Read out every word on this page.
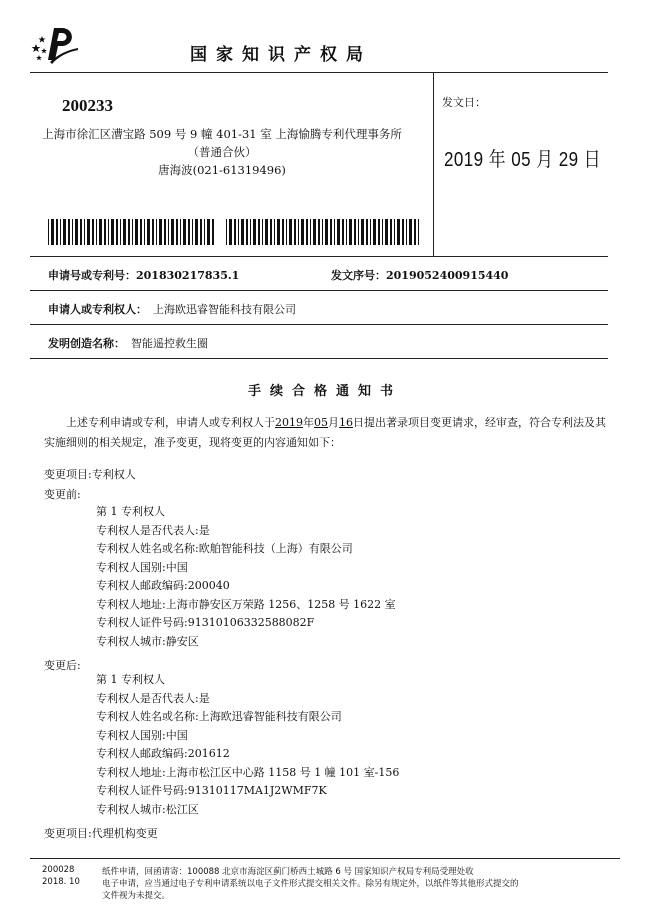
国家知识产权局
200233
上海市徐汇区漕宝路 509 号 9 幢 401-31 室 上海愉腾专利代理事务所
（普通合伙）
唐海波(021-61319496)
发文日：
2019 年 05 月 29 日
申请号或专利号：201830217835.1	发文序号：2019052400915440
申请人或专利权人： 上海欧迅睿智能科技有限公司
发明创造名称： 智能遥控救生圈
手续合格通知书
上述专利申请或专利，申请人或专利权人于2019年05月16日提出著录项目变更请求，经审查，符合专利法及其实施细则的相关规定，准予变更，现将变更的内容通知如下：
变更项目:专利权人
变更前:
第 1 专利权人
专利权人是否代表人:是
专利权人姓名或名称:欧舶智能科技（上海）有限公司
专利权人国别:中国
专利权人邮政编码:200040
专利权人地址:上海市静安区万荣路 1256、1258 号 1622 室
专利权人证件号码:91310106332588082F
专利权人城市:静安区
变更后:
第 1 专利权人
专利权人是否代表人:是
专利权人姓名或名称:上海欧迅睿智能科技有限公司
专利权人国别:中国
专利权人邮政编码:201612
专利权人地址:上海市松江区中心路 1158 号 1 幢 101 室-156
专利权人证件号码:91310117MA1J2WMF7K
专利权人城市:松江区
变更项目:代理机构变更
200028
2018. 10
纸件申请，回函请寄：100088 北京市海淀区蓟门桥西土城路 6 号 国家知识产权局专利局受理处收
电子申请，应当通过电子专利申请系统以电子文件形式提交相关文件。除另有规定外，以纸件等其他形式提交的
文件视为未提交。
